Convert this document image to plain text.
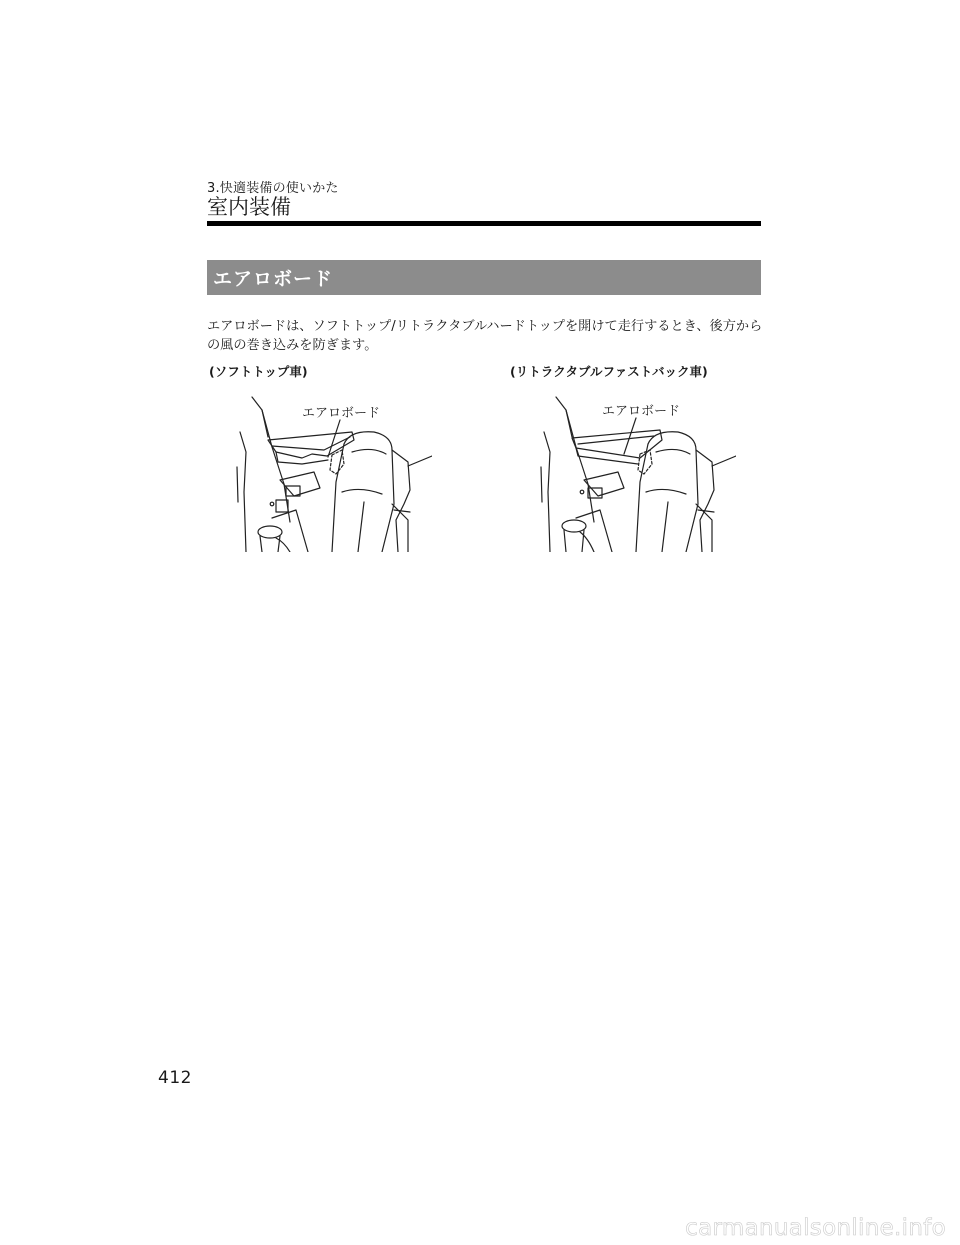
3.快適装備の使いかた
室内装備
エアロボード
エアロボードは、ソフトトップ/リトラクタブルハードトップを開けて走行するとき、後方からの風の巻き込みを防ぎます。
(ソフトトップ車)	(リトラクタブルファストバック車)
エアロボード	エアロボード
412
carmanualsonline.info
